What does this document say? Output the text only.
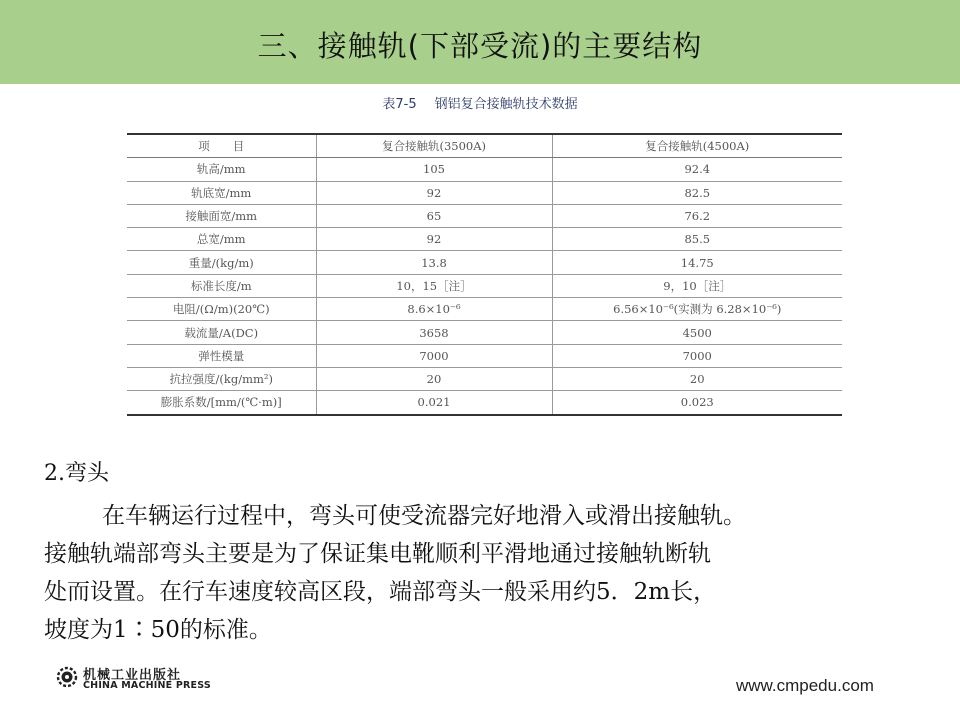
三、接触轨(下部受流)的主要结构
表7-5 钢铝复合接触轨技术数据
项　　目	复合接触轨(3500A)	复合接触轨(4500A)
轨高/mm	105	92.4
轨底宽/mm	92	82.5
接触面宽/mm	65	76.2
总宽/mm	92	85.5
重量/(kg/m)	13.8	14.75
标准长度/m	10，15［注］	9，10［注］
电阻/(Ω/m)(20℃)	8.6×10⁻⁶	6.56×10⁻⁶(实测为 6.28×10⁻⁶)
载流量/A(DC)	3658	4500
弹性模量	7000	7000
抗拉强度/(kg/mm²)	20	20
膨胀系数/[mm/(℃·m)]	0.021	0.023
2.弯头
在车辆运行过程中，弯头可使受流器完好地滑入或滑出接触轨。
接触轨端部弯头主要是为了保证集电靴顺利平滑地通过接触轨断轨
处而设置。在行车速度较高区段，端部弯头一般采用约5．2m长，
坡度为1∶50的标准。
机械工业出版社
CHINA MACHINE PRESS	www.cmpedu.com
